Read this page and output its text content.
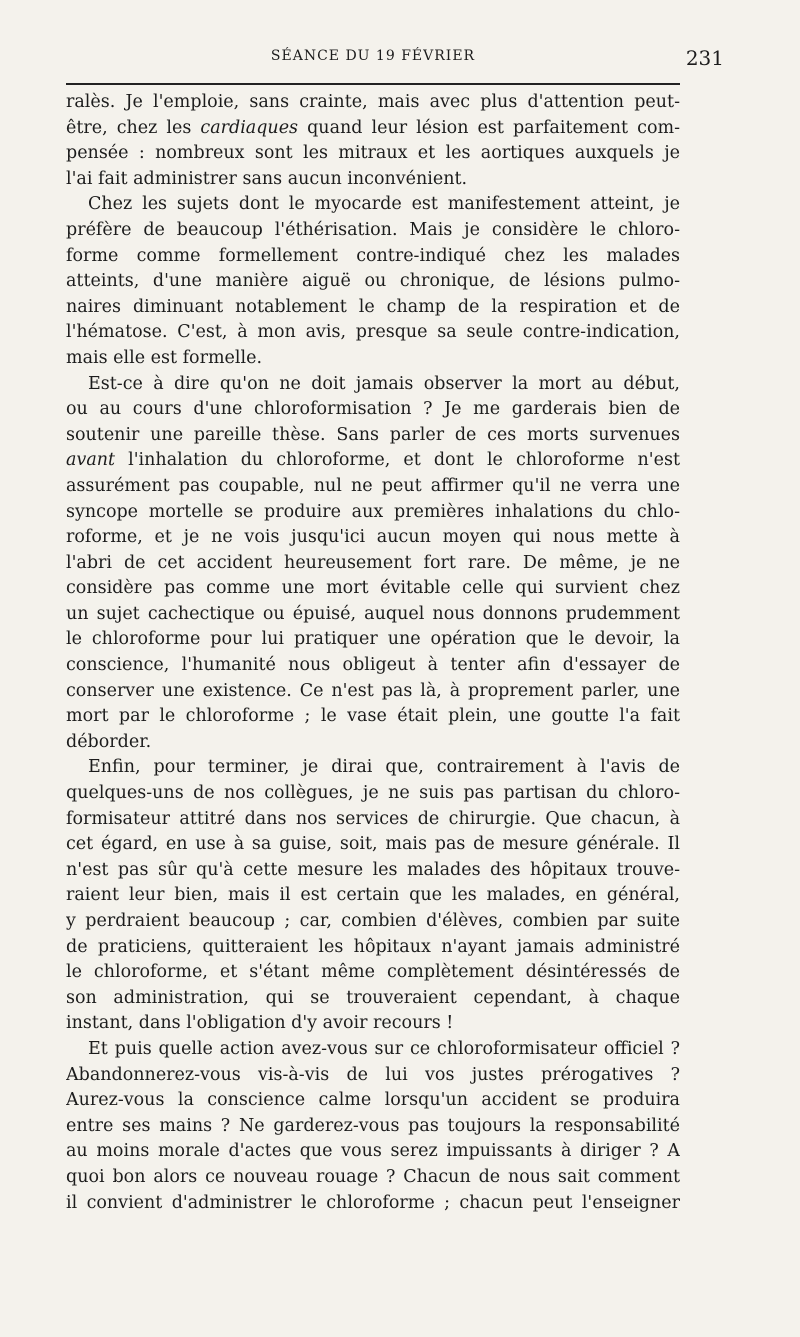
SÉANCE DU 19 FÉVRIER	231
ralès. Je l'emploie, sans crainte, mais avec plus d'attention peut-
être, chez les cardiaques quand leur lésion est parfaitement com-
pensée : nombreux sont les mitraux et les aortiques auxquels je
l'ai fait administrer sans aucun inconvénient.
Chez les sujets dont le myocarde est manifestement atteint, je
préfère de beaucoup l'éthérisation. Mais je considère le chloro-
forme comme formellement contre-indiqué chez les malades
atteints, d'une manière aiguë ou chronique, de lésions pulmo-
naires diminuant notablement le champ de la respiration et de
l'hématose. C'est, à mon avis, presque sa seule contre-indication,
mais elle est formelle.
Est-ce à dire qu'on ne doit jamais observer la mort au début,
ou au cours d'une chloroformisation ? Je me garderais bien de
soutenir une pareille thèse. Sans parler de ces morts survenues
avant l'inhalation du chloroforme, et dont le chloroforme n'est
assurément pas coupable, nul ne peut affirmer qu'il ne verra une
syncope mortelle se produire aux premières inhalations du chlo-
roforme, et je ne vois jusqu'ici aucun moyen qui nous mette à
l'abri de cet accident heureusement fort rare. De même, je ne
considère pas comme une mort évitable celle qui survient chez
un sujet cachectique ou épuisé, auquel nous donnons prudemment
le chloroforme pour lui pratiquer une opération que le devoir, la
conscience, l'humanité nous obligeut à tenter afin d'essayer de
conserver une existence. Ce n'est pas là, à proprement parler, une
mort par le chloroforme ; le vase était plein, une goutte l'a fait
déborder.
Enfin, pour terminer, je dirai que, contrairement à l'avis de
quelques-uns de nos collègues, je ne suis pas partisan du chloro-
formisateur attitré dans nos services de chirurgie. Que chacun, à
cet égard, en use à sa guise, soit, mais pas de mesure générale. Il
n'est pas sûr qu'à cette mesure les malades des hôpitaux trouve-
raient leur bien, mais il est certain que les malades, en général,
y perdraient beaucoup ; car, combien d'élèves, combien par suite
de praticiens, quitteraient les hôpitaux n'ayant jamais administré
le chloroforme, et s'étant même complètement désintéressés de
son administration, qui se trouveraient cependant, à chaque
instant, dans l'obligation d'y avoir recours !
Et puis quelle action avez-vous sur ce chloroformisateur officiel ?
Abandonnerez-vous vis-à-vis de lui vos justes prérogatives ?
Aurez-vous la conscience calme lorsqu'un accident se produira
entre ses mains ? Ne garderez-vous pas toujours la responsabilité
au moins morale d'actes que vous serez impuissants à diriger ? A
quoi bon alors ce nouveau rouage ? Chacun de nous sait comment
il convient d'administrer le chloroforme ; chacun peut l'enseigner
